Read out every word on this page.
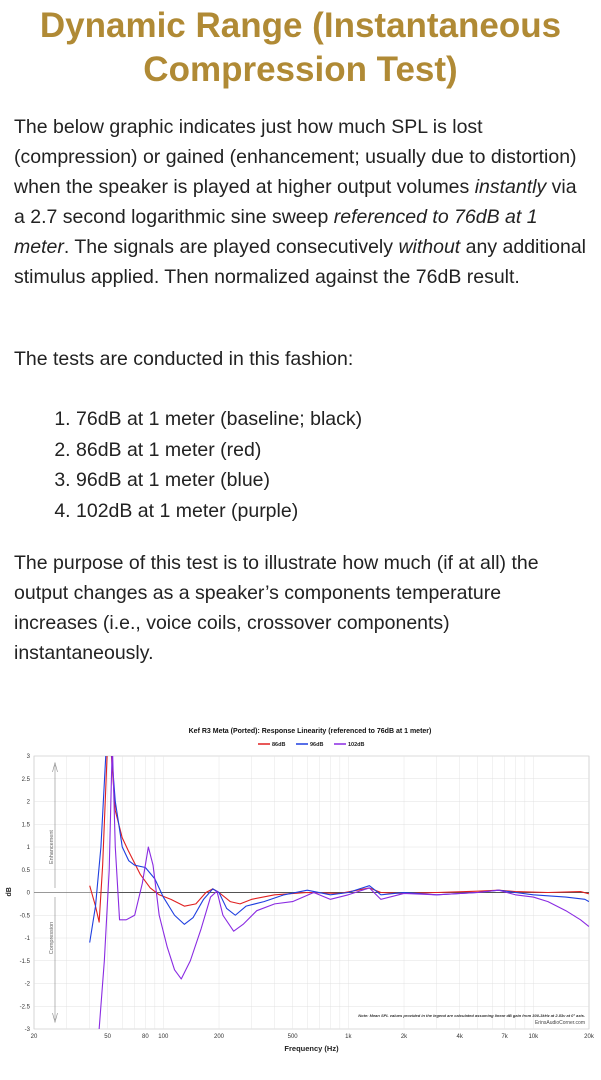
Dynamic Range (Instantaneous Compression Test)

The below graphic indicates just how much SPL is lost (compression) or gained (enhancement; usually due to distortion) when the speaker is played at higher output volumes instantly via a 2.7 second logarithmic sine sweep referenced to 76dB at 1 meter. The signals are played consecutively without any additional stimulus applied. Then normalized against the 76dB result.

The tests are conducted in this fashion:

1. 76dB at 1 meter (baseline; black)
2. 86dB at 1 meter (red)
3. 96dB at 1 meter (blue)
4. 102dB at 1 meter (purple)

The purpose of this test is to illustrate how much (if at all) the output changes as a speaker’s components temperature increases (i.e., voice coils, crossover components) instantaneously.

Kef R3 Meta (Ported): Response Linearity (referenced to 76dB at 1 meter)
86dB	96dB	102dB
3
2.5
2
1.5
1
0.5
0
-0.5
-1
-1.5
-2
-2.5
-3
20	50	80 100	200	500	1k	2k	4k	7k	10k	20k
Frequency (Hz)
dB
Enhancement
Compression
Note: Mean SPL values provided in the legend are calculated assuming linear dB gain from 300-3kHz at 2.83v at 0° axis.
ErinsAudioCorner.com
